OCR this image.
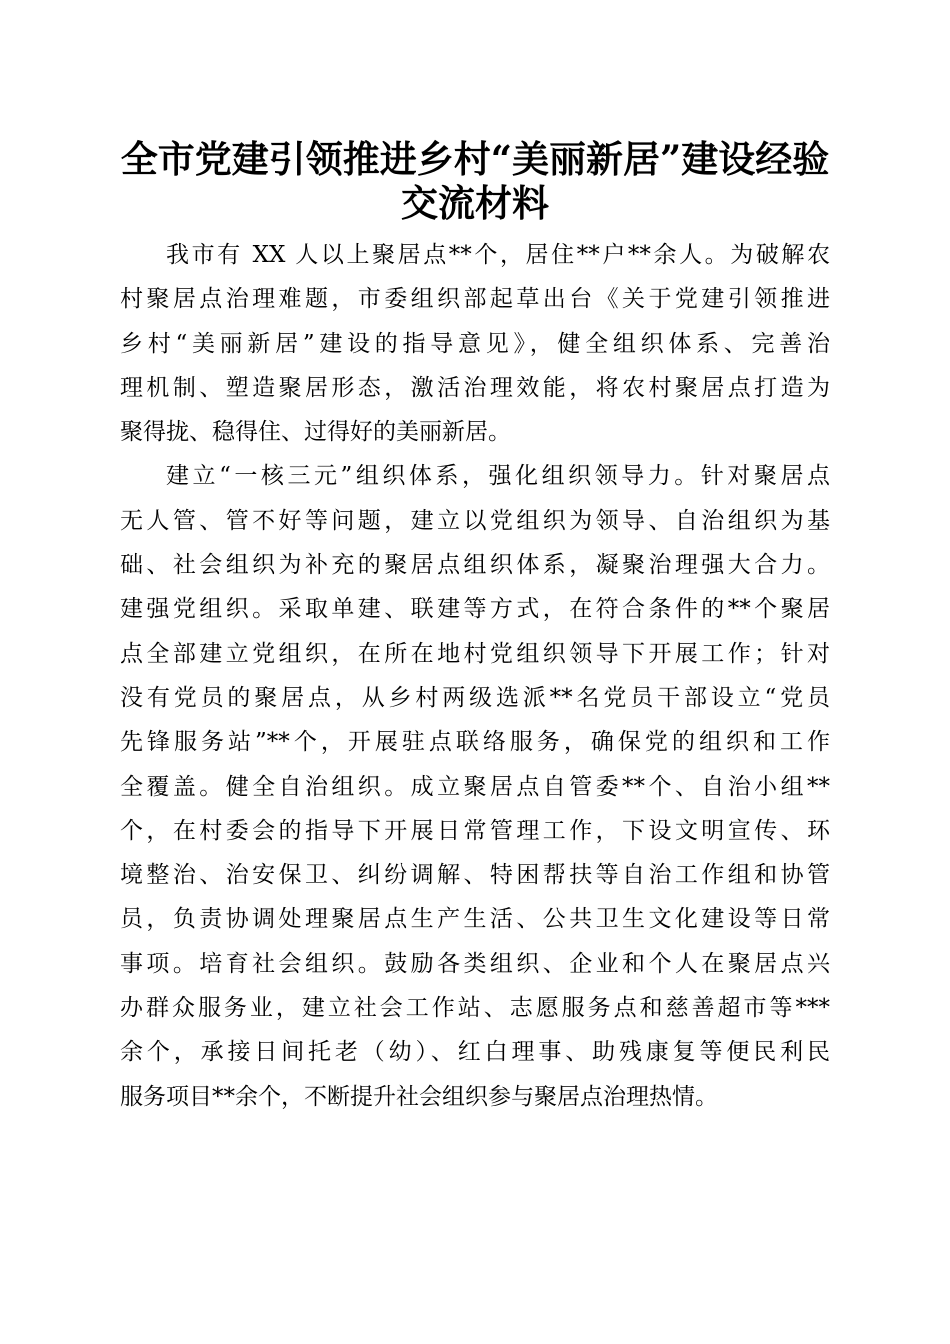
全市党建引领推进乡村“美丽新居”建设经验
交流材料
我市有 XX 人以上聚居点**个，居住**户**余人。为破解农
村聚居点治理难题，市委组织部起草出台《关于党建引领推进
乡村“美丽新居”建设的指导意见》，健全组织体系、完善治
理机制、塑造聚居形态，激活治理效能，将农村聚居点打造为
聚得拢、稳得住、过得好的美丽新居。
建立“一核三元”组织体系，强化组织领导力。针对聚居点
无人管、管不好等问题，建立以党组织为领导、自治组织为基
础、社会组织为补充的聚居点组织体系，凝聚治理强大合力。
建强党组织。采取单建、联建等方式，在符合条件的**个聚居
点全部建立党组织，在所在地村党组织领导下开展工作；针对
没有党员的聚居点，从乡村两级选派**名党员干部设立“党员
先锋服务站”**个，开展驻点联络服务，确保党的组织和工作
全覆盖。健全自治组织。成立聚居点自管委**个、自治小组**
个，在村委会的指导下开展日常管理工作，下设文明宣传、环
境整治、治安保卫、纠纷调解、特困帮扶等自治工作组和协管
员，负责协调处理聚居点生产生活、公共卫生文化建设等日常
事项。培育社会组织。鼓励各类组织、企业和个人在聚居点兴
办群众服务业，建立社会工作站、志愿服务点和慈善超市等***
余个，承接日间托老（幼）、红白理事、助残康复等便民利民
服务项目**余个，不断提升社会组织参与聚居点治理热情。
